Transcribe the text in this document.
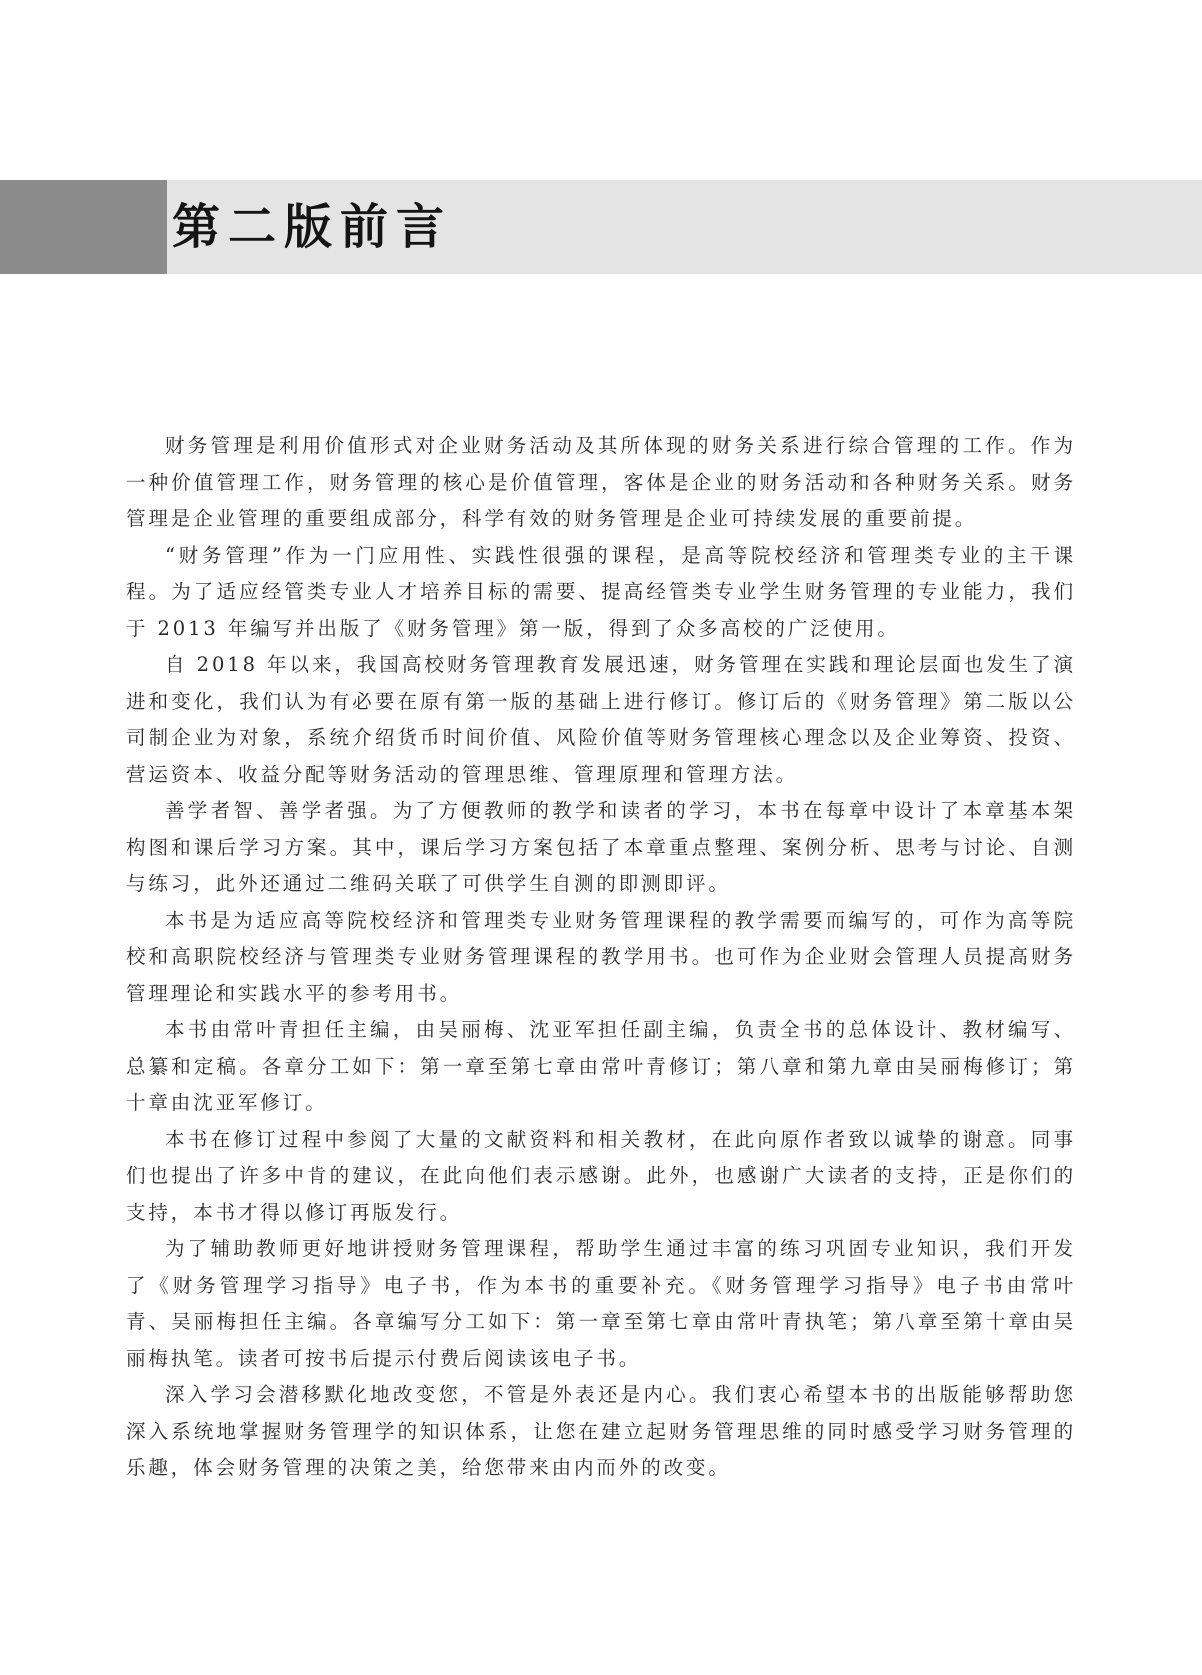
第二版前言

财务管理是利用价值形式对企业财务活动及其所体现的财务关系进行综合管理的工作。作为一种价值管理工作，财务管理的核心是价值管理，客体是企业的财务活动和各种财务关系。财务管理是企业管理的重要组成部分，科学有效的财务管理是企业可持续发展的重要前提。

“财务管理”作为一门应用性、实践性很强的课程，是高等院校经济和管理类专业的主干课程。为了适应经管类专业人才培养目标的需要、提高经管类专业学生财务管理的专业能力，我们于 2013 年编写并出版了《财务管理》第一版，得到了众多高校的广泛使用。

自 2018 年以来，我国高校财务管理教育发展迅速，财务管理在实践和理论层面也发生了演进和变化，我们认为有必要在原有第一版的基础上进行修订。修订后的《财务管理》第二版以公司制企业为对象，系统介绍货币时间价值、风险价值等财务管理核心理念以及企业筹资、投资、营运资本、收益分配等财务活动的管理思维、管理原理和管理方法。

善学者智、善学者强。为了方便教师的教学和读者的学习，本书在每章中设计了本章基本架构图和课后学习方案。其中，课后学习方案包括了本章重点整理、案例分析、思考与讨论、自测与练习，此外还通过二维码关联了可供学生自测的即测即评。

本书是为适应高等院校经济和管理类专业财务管理课程的教学需要而编写的，可作为高等院校和高职院校经济与管理类专业财务管理课程的教学用书。也可作为企业财会管理人员提高财务管理理论和实践水平的参考用书。

本书由常叶青担任主编，由吴丽梅、沈亚军担任副主编，负责全书的总体设计、教材编写、总纂和定稿。各章分工如下：第一章至第七章由常叶青修订；第八章和第九章由吴丽梅修订；第十章由沈亚军修订。

本书在修订过程中参阅了大量的文献资料和相关教材，在此向原作者致以诚挚的谢意。同事们也提出了许多中肯的建议，在此向他们表示感谢。此外，也感谢广大读者的支持，正是你们的支持，本书才得以修订再版发行。

为了辅助教师更好地讲授财务管理课程，帮助学生通过丰富的练习巩固专业知识，我们开发了《财务管理学习指导》电子书，作为本书的重要补充。《财务管理学习指导》电子书由常叶青、吴丽梅担任主编。各章编写分工如下：第一章至第七章由常叶青执笔；第八章至第十章由吴丽梅执笔。读者可按书后提示付费后阅读该电子书。

深入学习会潜移默化地改变您，不管是外表还是内心。我们衷心希望本书的出版能够帮助您深入系统地掌握财务管理学的知识体系，让您在建立起财务管理思维的同时感受学习财务管理的乐趣，体会财务管理的决策之美，给您带来由内而外的改变。
